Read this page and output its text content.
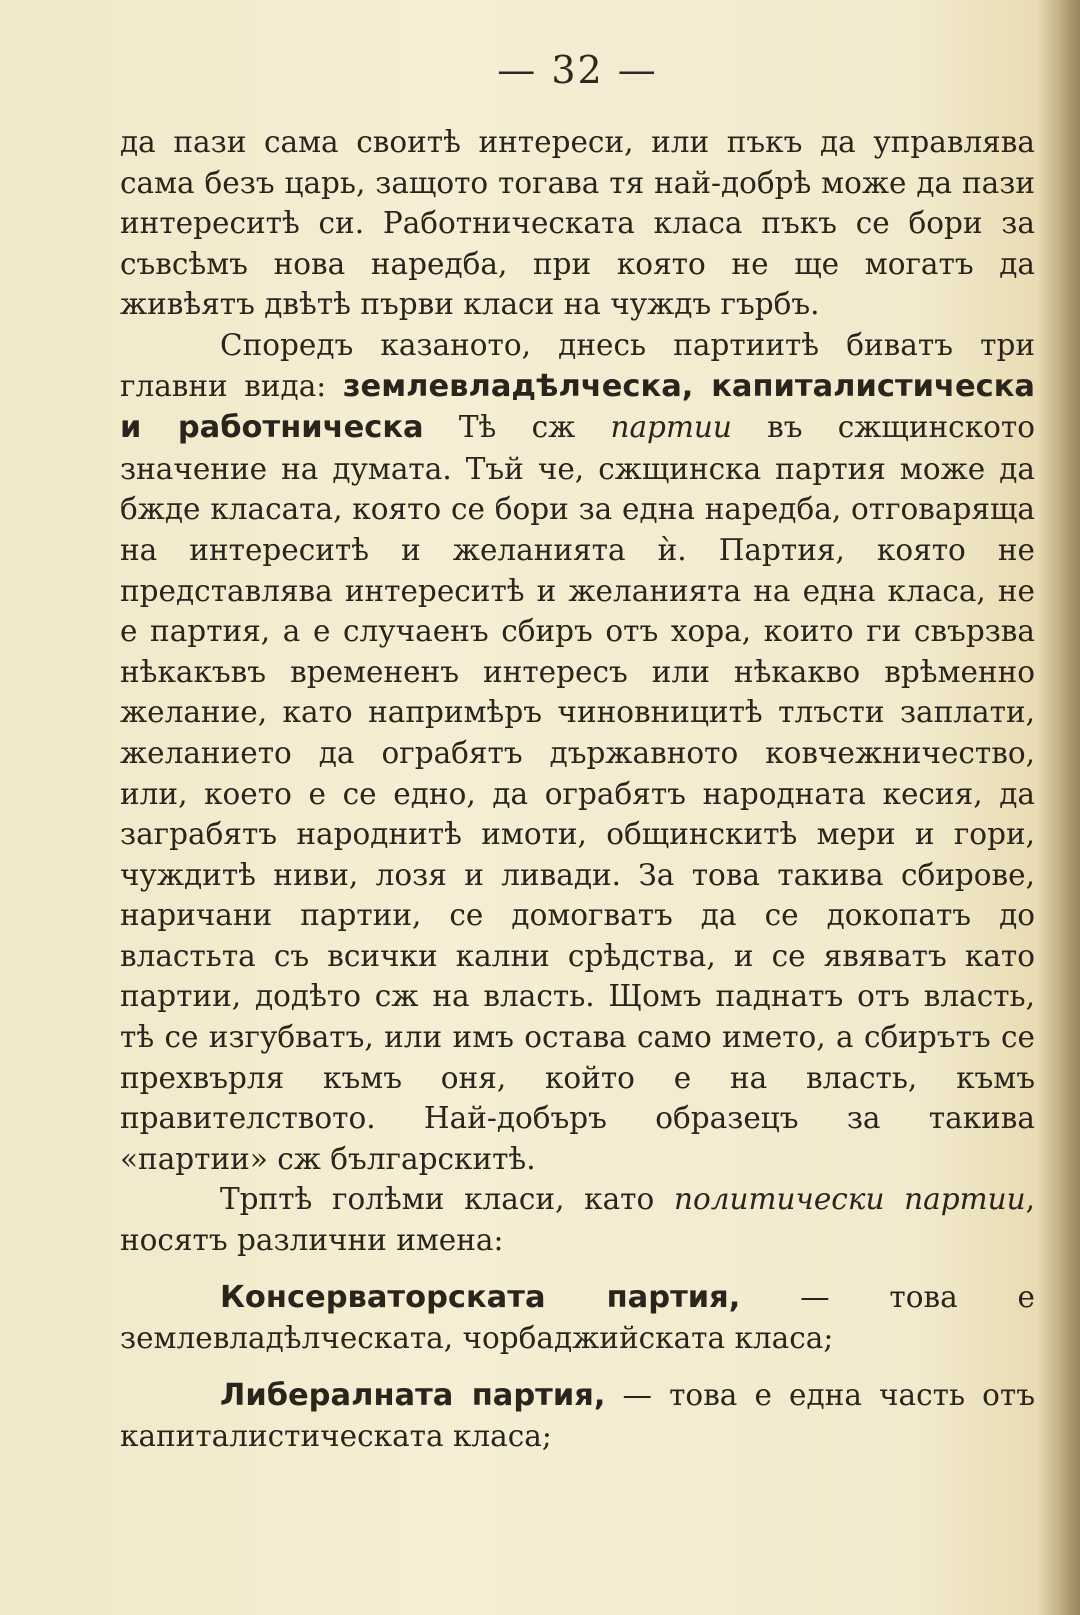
— 32 —

да пази сама своитѣ интереси, или пъкъ да управлява сама безъ царь, защото тогава тя най-добрѣ може да пази интереситѣ си. Работническата класа пъкъ се бори за съвсѣмъ нова наредба, при която не ще могатъ да живѣятъ двѣтѣ първи класи на чуждъ гърбъ.

Споредъ казаното, днесь партиитѣ биватъ три главни вида: землевладѣлческа, капиталистическа и работническа Тѣ сж партии въ сжщинското значение на думата. Тъй че, сжщинска партия може да бжде класата, която се бори за една наредба, отговаряща на интереситѣ и желанията ѝ. Партия, която не представлява интереситѣ и желанията на една класа, не е партия, а е случаенъ сбиръ отъ хора, които ги свързва нѣкакъвъ времененъ интересъ или нѣкакво врѣменно желание, като напримѣръ чиновницитѣ тлъсти заплати, желанието да ограбятъ държавното ковчежничество, или, което е се едно, да ограбятъ народната кесия, да заграбятъ народнитѣ имоти, общинскитѣ мери и гори, чуждитѣ ниви, лозя и ливади. За това такива сбирове, наричани партии, се домогватъ да се докопатъ до властьта съ всички кални срѣдства, и се явяватъ като партии, додѣто сж на власть. Щомъ паднатъ отъ власть, тѣ се изгубватъ, или имъ остава само името, а сбирътъ се прехвърля къмъ оня, който е на власть, къмъ правителството. Най-добъръ образецъ за такива «партии» сж българскитѣ.

Трптѣ голѣми класи, като политически партии, носятъ различни имена:

Консерваторската партия, — това е землевладѣлческата, чорбаджийската класа;

Либералната партия, — това е една часть отъ капиталистическата класа;
